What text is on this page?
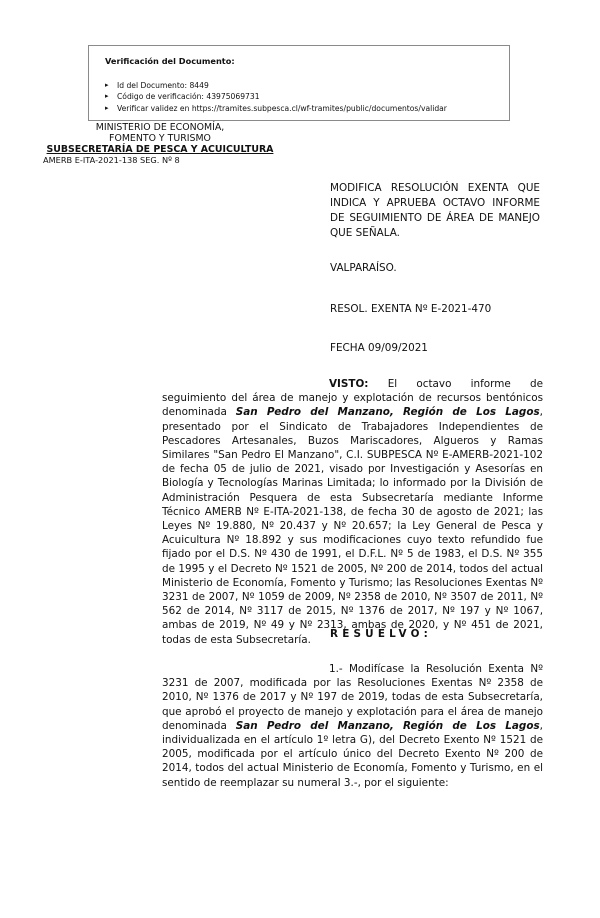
Verificación del Documento:

▸ Id del Documento: 8449
▸ Código de verificación: 43975069731
▸ Verificar validez en https://tramites.subpesca.cl/wf-tramites/public/documentos/validar
MINISTERIO DE ECONOMÍA,
FOMENTO Y TURISMO
SUBSECRETARÍA DE PESCA Y ACUICULTURA
AMERB E-ITA-2021-138 SEG. Nº 8
MODIFICA RESOLUCIÓN EXENTA QUE INDICA Y APRUEBA OCTAVO INFORME DE SEGUIMIENTO DE ÁREA DE MANEJO QUE SEÑALA.
VALPARAÍSO.
RESOL. EXENTA Nº E-2021-470
FECHA 09/09/2021
VISTO: El octavo informe de seguimiento del área de manejo y explotación de recursos bentónicos denominada San Pedro del Manzano, Región de Los Lagos, presentado por el Sindicato de Trabajadores Independientes de Pescadores Artesanales, Buzos Mariscadores, Algueros y Ramas Similares "San Pedro El Manzano", C.I. SUBPESCA Nº E-AMERB-2021-102 de fecha 05 de julio de 2021, visado por Investigación y Asesorías en Biología y Tecnologías Marinas Limitada; lo informado por la División de Administración Pesquera de esta Subsecretaría mediante Informe Técnico AMERB Nº E-ITA-2021-138, de fecha 30 de agosto de 2021; las Leyes Nº 19.880, Nº 20.437 y Nº 20.657; la Ley General de Pesca y Acuicultura Nº 18.892 y sus modificaciones cuyo texto refundido fue fijado por el D.S. Nº 430 de 1991, el D.F.L. Nº 5 de 1983, el D.S. Nº 355 de 1995 y el Decreto Nº 1521 de 2005, Nº 200 de 2014, todos del actual Ministerio de Economía, Fomento y Turismo; las Resoluciones Exentas Nº 3231 de 2007, Nº 1059 de 2009, Nº 2358 de 2010, Nº 3507 de 2011, Nº 562 de 2014, Nº 3117 de 2015, Nº 1376 de 2017, Nº 197 y Nº 1067, ambas de 2019, Nº 49 y Nº 2313, ambas de 2020, y Nº 451 de 2021, todas de esta Subsecretaría.	RESUELVO:
1.- Modifícase la Resolución Exenta Nº 3231 de 2007, modificada por las Resoluciones Exentas Nº 2358 de 2010, Nº 1376 de 2017 y Nº 197 de 2019, todas de esta Subsecretaría, que aprobó el proyecto de manejo y explotación para el área de manejo denominada San Pedro del Manzano, Región de Los Lagos, individualizada en el artículo 1º letra G), del Decreto Exento Nº 1521 de 2005, modificada por el artículo único del Decreto Exento Nº 200 de 2014, todos del actual Ministerio de Economía, Fomento y Turismo, en el sentido de reemplazar su numeral 3.-, por el siguiente:
